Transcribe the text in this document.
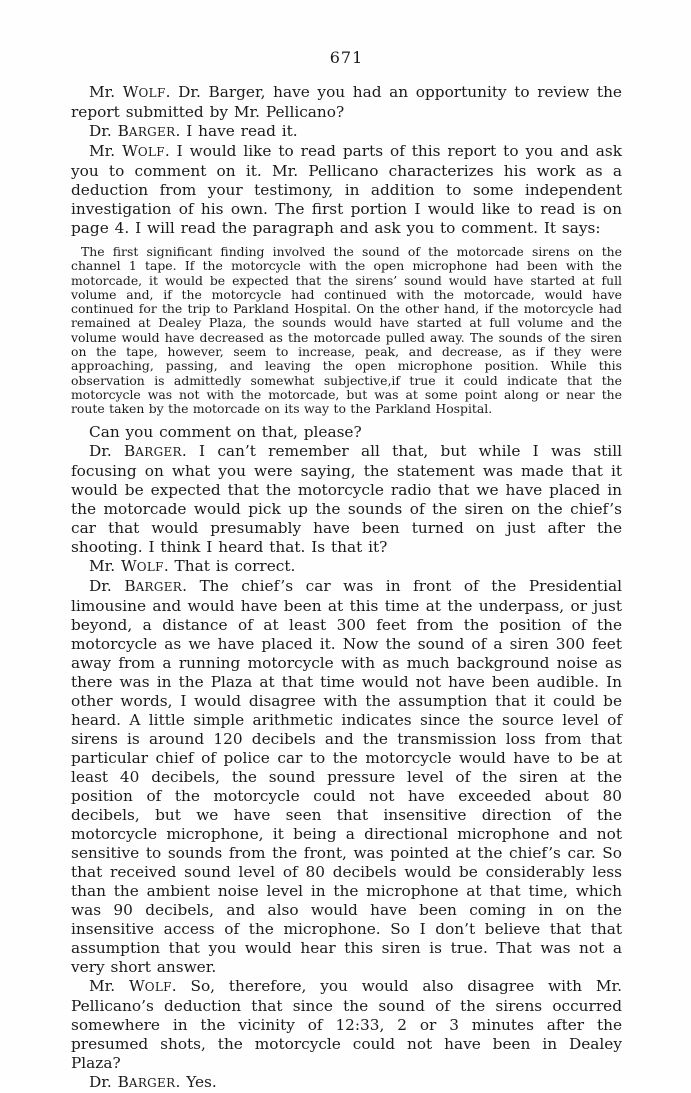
671

Mr. WOLF. Dr. Barger, have you had an opportunity to review the report submitted by Mr. Pellicano?

Dr. BARGER. I have read it.

Mr. WOLF. I would like to read parts of this report to you and ask you to comment on it. Mr. Pellicano characterizes his work as a deduction from your testimony, in addition to some independent investigation of his own. The first portion I would like to read is on page 4. I will read the paragraph and ask you to comment. It says:

The first significant finding involved the sound of the motorcade sirens on the channel 1 tape. If the motorcycle with the open microphone had been with the motorcade, it would be expected that the sirens’ sound would have started at full volume and, if the motorcycle had continued with the motorcade, would have continued for the trip to Parkland Hospital. On the other hand, if the motorcycle had remained at Dealey Plaza, the sounds would have started at full volume and the volume would have decreased as the motorcade pulled away. The sounds of the siren on the tape, however, seem to increase, peak, and decrease, as if they were approaching, passing, and leaving the open microphone position. While this observation is admittedly somewhat subjective,if true it could indicate that the motorcycle was not with the motorcade, but was at some point along or near the route taken by the motorcade on its way to the Parkland Hospital.

Can you comment on that, please?

Dr. BARGER. I can’t remember all that, but while I was still focusing on what you were saying, the statement was made that it would be expected that the motorcycle radio that we have placed in the motorcade would pick up the sounds of the siren on the chief’s car that would presumably have been turned on just after the shooting. I think I heard that. Is that it?

Mr. WOLF. That is correct.

Dr. BARGER. The chief’s car was in front of the Presidential limousine and would have been at this time at the underpass, or just beyond, a distance of at least 300 feet from the position of the motorcycle as we have placed it. Now the sound of a siren 300 feet away from a running motorcycle with as much background noise as there was in the Plaza at that time would not have been audible. In other words, I would disagree with the assumption that it could be heard. A little simple arithmetic indicates since the source level of sirens is around 120 decibels and the transmission loss from that particular chief of police car to the motorcycle would have to be at least 40 decibels, the sound pressure level of the siren at the position of the motorcycle could not have exceeded about 80 decibels, but we have seen that insensitive direction of the motorcycle microphone, it being a directional microphone and not sensitive to sounds from the front, was pointed at the chief’s car. So that received sound level of 80 decibels would be considerably less than the ambient noise level in the microphone at that time, which was 90 decibels, and also would have been coming in on the insensitive access of the microphone. So I don’t believe that that assumption that you would hear this siren is true. That was not a very short answer.

Mr. WOLF. So, therefore, you would also disagree with Mr. Pellicano’s deduction that since the sound of the sirens occurred somewhere in the vicinity of 12:33, 2 or 3 minutes after the presumed shots, the motorcycle could not have been in Dealey Plaza?

Dr. BARGER. Yes.
